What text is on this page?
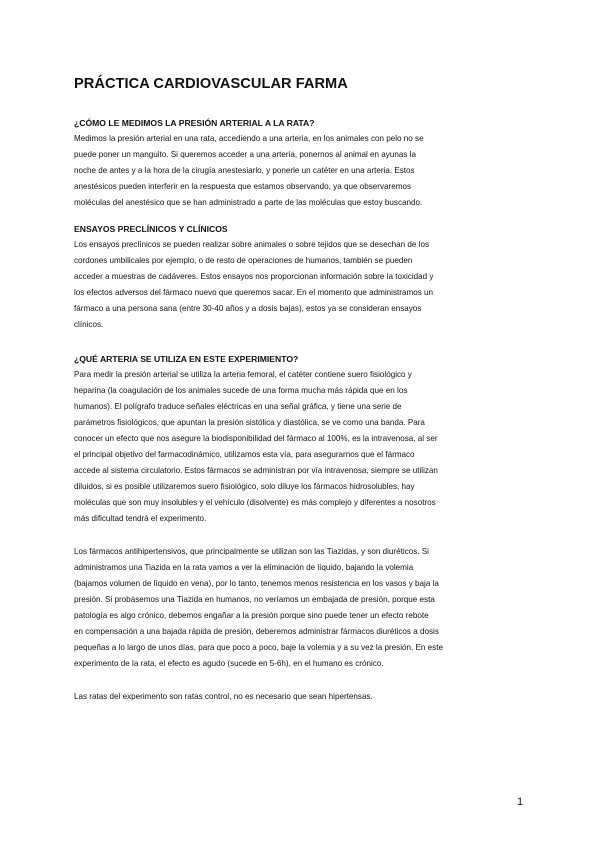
PRÁCTICA CARDIOVASCULAR FARMA
¿CÓMO LE MEDIMOS LA PRESIÓN ARTERIAL A LA RATA?

Medimos la presión arterial en una rata, accediendo a una arteria, en los animales con pelo no se
puede poner un manguito. Si queremos acceder a una arteria, ponernos al animal en ayunas la
noche de antes y a la hora de la cirugía anestesiarlo, y ponerle un catéter en una arteria. Estos
anestésicos pueden interferir en la respuesta que estamos observando, ya que observaremos
moléculas del anestésico que se han administrado a parte de las moléculas que estoy buscando.

ENSAYOS PRECLÍNICOS Y CLÍNICOS

Los ensayos preclínicos se pueden realizar sobre animales o sobre tejidos que se desechan de los
cordones umbilicales por ejemplo, o de resto de operaciones de humanos, también se pueden
acceder a muestras de cadáveres. Estos ensayos nos proporcionan información sobre la toxicidad y
los efectos adversos del fármaco nuevo que queremos sacar. En el momento que administramos un
fármaco a una persona sana (entre 30-40 años y a dosis bajas), estos ya se consideran ensayos
clínicos.

¿QUÉ ARTERIA SE UTILIZA EN ESTE EXPERIMIENTO?

Para medir la presión arterial se utiliza la arteria femoral, el catéter contiene suero fisiológico y
heparina (la coagulación de los animales sucede de una forma mucha más rápida que en los
humanos). El polígrafo traduce señales eléctricas en una señal gráfica, y tiene una serie de
parámetros fisiológicos, que apuntan la presión sistólica y diastólica, se ve como una banda. Para
conocer un efecto que nos asegure la biodisponibilidad del fármaco al 100%, es la intravenosa, al ser
el principal objetivo del farmacodinámico, utilizamos esta vía, para asegurarnos que el fármaco
accede al sistema circulatorio. Estos fármacos se administran por vía intravenosa, siempre se utilizan
diluidos, si es posible utilizaremos suero fisiológico, solo diluye los fármacos hidrosolubles, hay
moléculas que son muy insolubles y el vehículo (disolvente) es más complejo y diferentes a nosotros
más dificultad tendrá el experimento.

Los fármacos antihipertensivos, que principalmente se utilizan son las Tiazidas, y son diuréticos. Si
administramos una Tiazida en la rata vamos a ver la eliminación de líquido, bajando la volemia
(bajamos volumen de líquido en vena), por lo tanto, tenemos menos resistencia en los vasos y baja la
presión. Si probásemos una Tiazida en humanos, no veríamos un embajada de presión, porque esta
patología es algo crónico, debemos engañar a la presión porque sino puede tener un efecto rebote
en compensación a una bajada rápida de presión, deberemos administrar fármacos diuréticos a dosis
pequeñas a lo largo de unos días, para que poco a poco, baje la volemia y a su vez la presión. En este
experimento de la rata, el efecto es agudo (sucede en 5-6h), en el humano es crónico.

Las ratas del experimento son ratas control, no es necesario que sean hipertensas.

1
